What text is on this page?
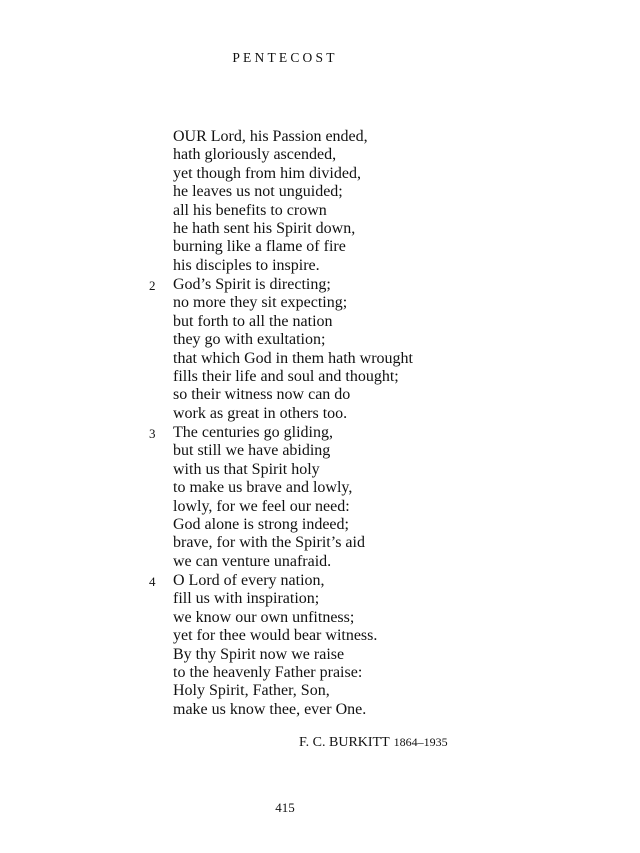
PENTECOST
OUR Lord, his Passion ended,
hath gloriously ascended,
yet though from him divided,
he leaves us not unguided;
all his benefits to crown
he hath sent his Spirit down,
burning like a flame of fire
his disciples to inspire.
2 God’s Spirit is directing;
no more they sit expecting;
but forth to all the nation
they go with exultation;
that which God in them hath wrought
fills their life and soul and thought;
so their witness now can do
work as great in others too.
3 The centuries go gliding,
but still we have abiding
with us that Spirit holy
to make us brave and lowly,
lowly, for we feel our need:
God alone is strong indeed;
brave, for with the Spirit’s aid
we can venture unafraid.
4 O Lord of every nation,
fill us with inspiration;
we know our own unfitness;
yet for thee would bear witness.
By thy Spirit now we raise
to the heavenly Father praise:
Holy Spirit, Father, Son,
make us know thee, ever One.
F. C. BURKITT 1864–1935
415
